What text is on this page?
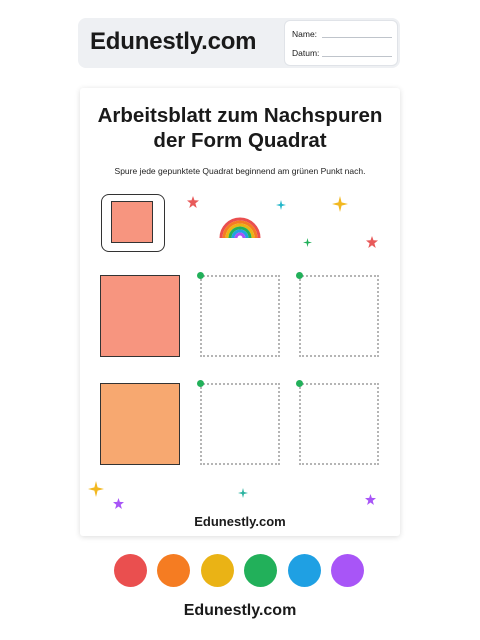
Edunestly.com	Name:
Datum:
Arbeitsblatt zum Nachspuren
der Form Quadrat
Spure jede gepunktete Quadrat beginnend am grünen Punkt nach.
Edunestly.com
Edunestly.com
